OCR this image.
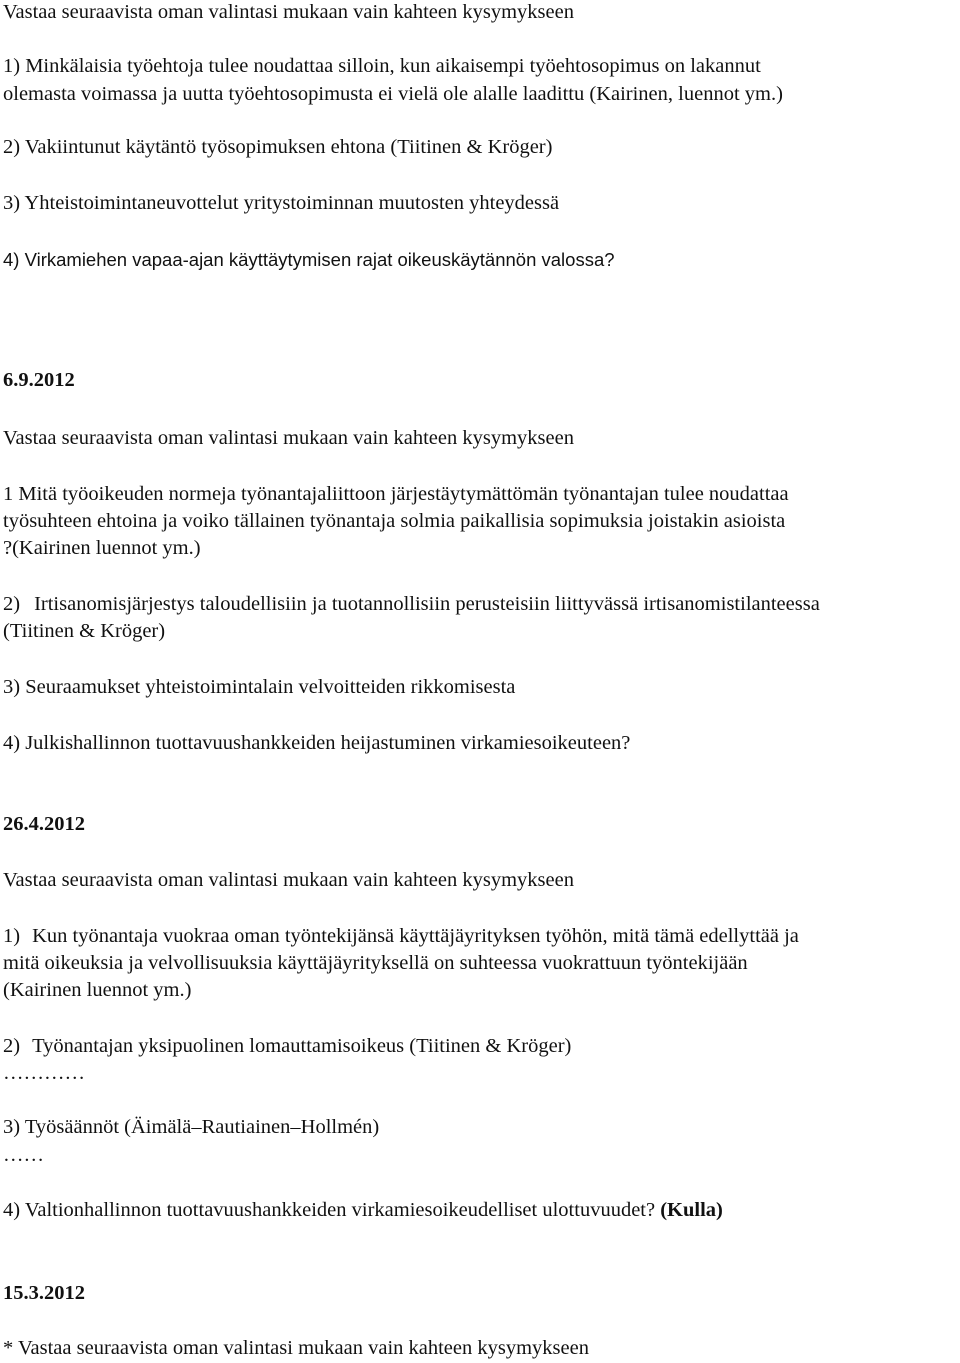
Vastaa seuraavista oman valintasi mukaan vain kahteen kysymykseen

1) Minkälaisia työehtoja tulee noudattaa silloin, kun aikaisempi työehtosopimus on lakannut

olemasta voimassa ja uutta työehtosopimusta ei vielä ole alalle laadittu (Kairinen, luennot ym.)

2) Vakiintunut käytäntö työsopimuksen ehtona (Tiitinen & Kröger)

3) Yhteistoimintaneuvottelut yritystoiminnan muutosten yhteydessä

4) Virkamiehen vapaa-ajan käyttäytymisen rajat oikeuskäytännön valossa?

6.9.2012

Vastaa seuraavista oman valintasi mukaan vain kahteen kysymykseen

1 Mitä työoikeuden normeja työnantajaliittoon järjestäytymättömän työnantajan tulee noudattaa

työsuhteen ehtoina ja voiko tällainen työnantaja solmia paikallisia sopimuksia joistakin asioista

?(Kairinen luennot ym.)

2) Irtisanomisjärjestys taloudellisiin ja tuotannollisiin perusteisiin liittyvässä irtisanomistilanteessa

(Tiitinen & Kröger)

3) Seuraamukset yhteistoimintalain velvoitteiden rikkomisesta

4) Julkishallinnon tuottavuushankkeiden heijastuminen virkamiesoikeuteen?

26.4.2012

Vastaa seuraavista oman valintasi mukaan vain kahteen kysymykseen

1) Kun työnantaja vuokraa oman työntekijänsä käyttäjäyrityksen työhön, mitä tämä edellyttää ja

mitä oikeuksia ja velvollisuuksia käyttäjäyrityksellä on suhteessa vuokrattuun työntekijään

(Kairinen luennot ym.)

2) Työnantajan yksipuolinen lomauttamisoikeus (Tiitinen & Kröger)

…………

3) Työsäännöt (Äimälä–Rautiainen–Hollmén)

……

4) Valtionhallinnon tuottavuushankkeiden virkamiesoikeudelliset ulottuvuudet? (Kulla)

15.3.2012

* Vastaa seuraavista oman valintasi mukaan vain kahteen kysymykseen
